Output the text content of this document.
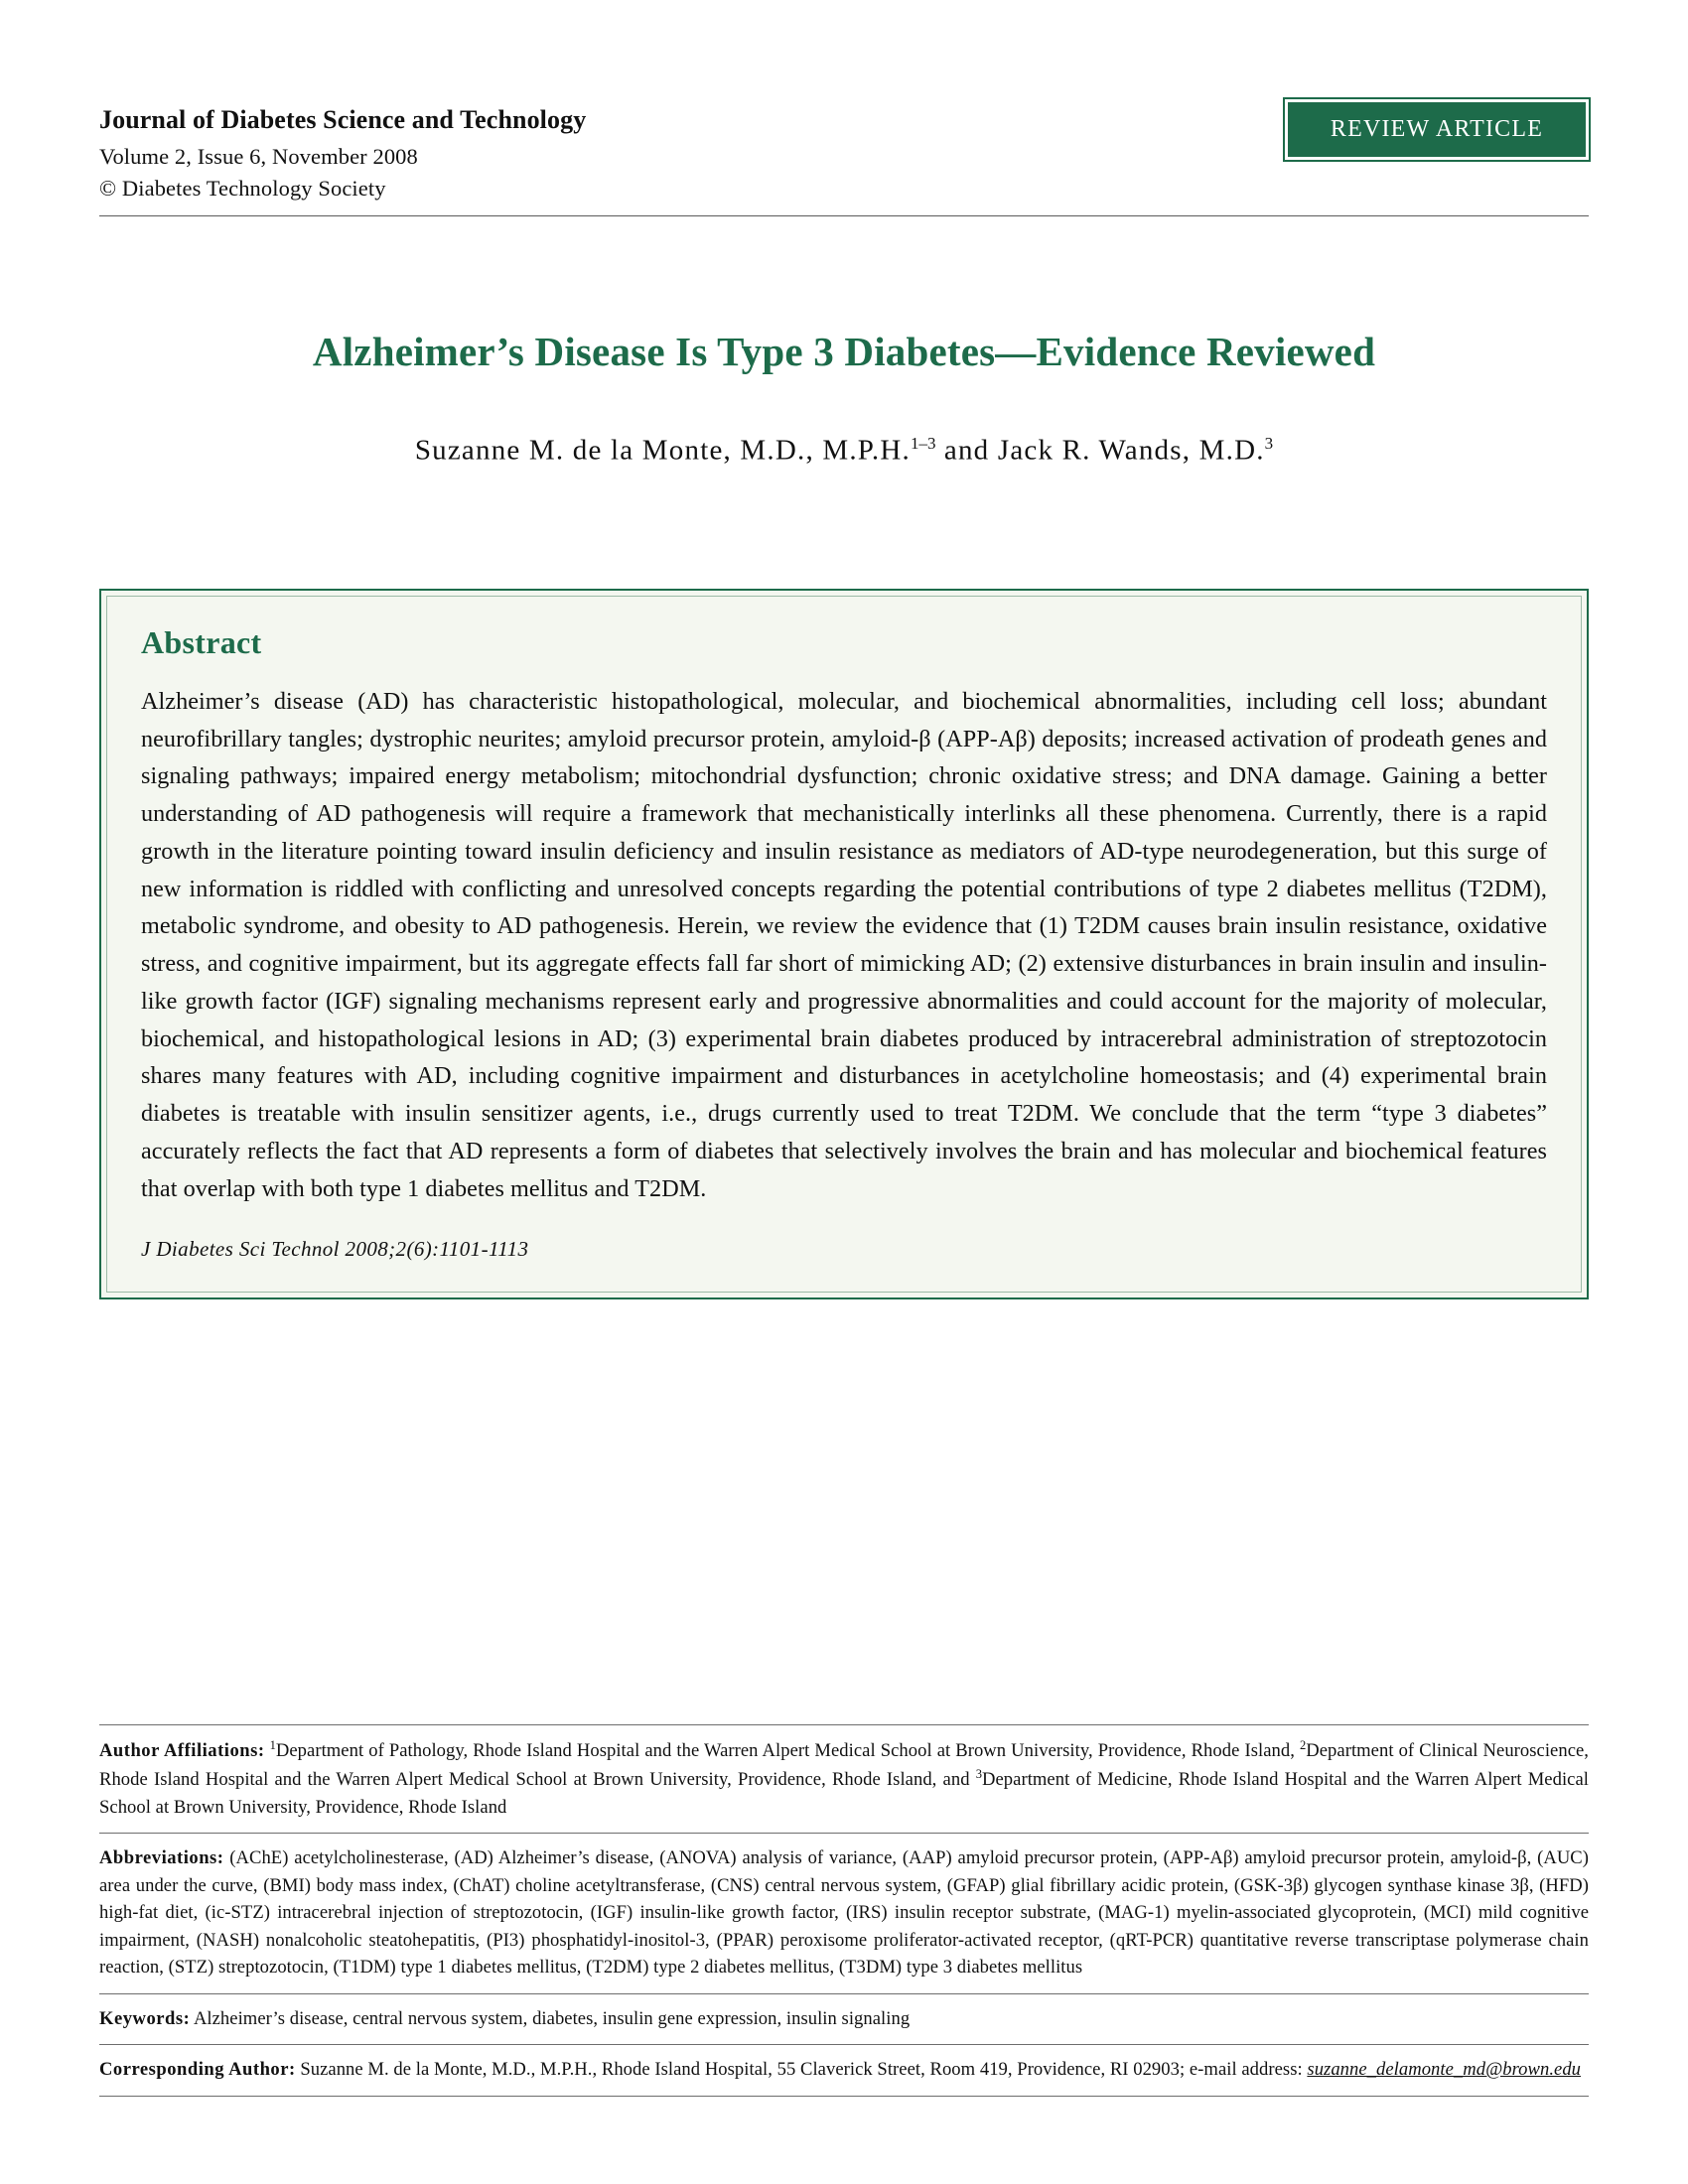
Journal of Diabetes Science and Technology
Volume 2, Issue 6, November 2008
© Diabetes Technology Society
REVIEW ARTICLE
Alzheimer’s Disease Is Type 3 Diabetes—Evidence Reviewed
Suzanne M. de la Monte, M.D., M.P.H.$^{1-3}$ and Jack R. Wands, M.D.$^3$
Abstract

Alzheimer’s disease (AD) has characteristic histopathological, molecular, and biochemical abnormalities, including cell loss; abundant neurofibrillary tangles; dystrophic neurites; amyloid precursor protein, amyloid-β (APP-Aβ) deposits; increased activation of prodeath genes and signaling pathways; impaired energy metabolism; mitochondrial dysfunction; chronic oxidative stress; and DNA damage. Gaining a better understanding of AD pathogenesis will require a framework that mechanistically interlinks all these phenomena. Currently, there is a rapid growth in the literature pointing toward insulin deficiency and insulin resistance as mediators of AD-type neurodegeneration, but this surge of new information is riddled with conflicting and unresolved concepts regarding the potential contributions of type 2 diabetes mellitus (T2DM), metabolic syndrome, and obesity to AD pathogenesis. Herein, we review the evidence that (1) T2DM causes brain insulin resistance, oxidative stress, and cognitive impairment, but its aggregate effects fall far short of mimicking AD; (2) extensive disturbances in brain insulin and insulin-like growth factor (IGF) signaling mechanisms represent early and progressive abnormalities and could account for the majority of molecular, biochemical, and histopathological lesions in AD; (3) experimental brain diabetes produced by intracerebral administration of streptozotocin shares many features with AD, including cognitive impairment and disturbances in acetylcholine homeostasis; and (4) experimental brain diabetes is treatable with insulin sensitizer agents, i.e., drugs currently used to treat T2DM. We conclude that the term “type 3 diabetes” accurately reflects the fact that AD represents a form of diabetes that selectively involves the brain and has molecular and biochemical features that overlap with both type 1 diabetes mellitus and T2DM.

J Diabetes Sci Technol 2008;2(6):1101-1113

Author Affiliations: $^1$Department of Pathology, Rhode Island Hospital and the Warren Alpert Medical School at Brown University, Providence, Rhode Island, $^2$Department of Clinical Neuroscience, Rhode Island Hospital and the Warren Alpert Medical School at Brown University, Providence, Rhode Island, and $^3$Department of Medicine, Rhode Island Hospital and the Warren Alpert Medical School at Brown University, Providence, Rhode Island
Abbreviations: (AChE) acetylcholinesterase, (AD) Alzheimer’s disease, (ANOVA) analysis of variance, (AAP) amyloid precursor protein, (APP-Aβ) amyloid precursor protein, amyloid-β, (AUC) area under the curve, (BMI) body mass index, (ChAT) choline acetyltransferase, (CNS) central nervous system, (GFAP) glial fibrillary acidic protein, (GSK-3β) glycogen synthase kinase 3β, (HFD) high-fat diet, (ic-STZ) intracerebral injection of streptozotocin, (IGF) insulin-like growth factor, (IRS) insulin receptor substrate, (MAG-1) myelin-associated glycoprotein, (MCI) mild cognitive impairment, (NASH) nonalcoholic steatohepatitis, (PI3) phosphatidyl-inositol-3, (PPAR) peroxisome proliferator-activated receptor, (qRT-PCR) quantitative reverse transcriptase polymerase chain reaction, (STZ) streptozotocin, (T1DM) type 1 diabetes mellitus, (T2DM) type 2 diabetes mellitus, (T3DM) type 3 diabetes mellitus
Keywords: Alzheimer’s disease, central nervous system, diabetes, insulin gene expression, insulin signaling
Corresponding Author: Suzanne M. de la Monte, M.D., M.P.H., Rhode Island Hospital, 55 Claverick Street, Room 419, Providence, RI 02903; e-mail address: suzanne_delamonte_md@brown.edu
